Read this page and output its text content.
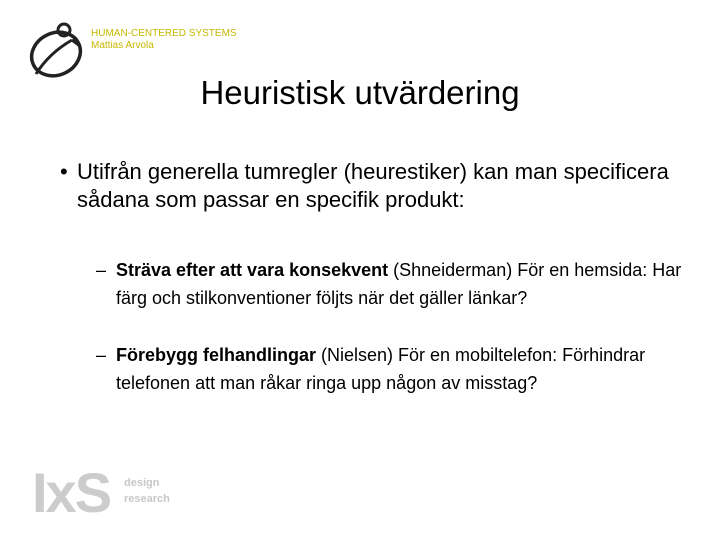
HUMAN-CENTERED SYSTEMS
Mattias Arvola
Heuristisk utvärdering
• Utifrån generella tumregler (heurestiker) kan man specificera sådana som passar en specifik produkt:
– Sträva efter att vara konsekvent (Shneiderman) För en hemsida: Har färg och stilkonventioner följts när det gäller länkar?
– Förebygg felhandlingar (Nielsen) För en mobiltelefon: Förhindrar telefonen att man råkar ringa upp någon av misstag?
IxS design
research
